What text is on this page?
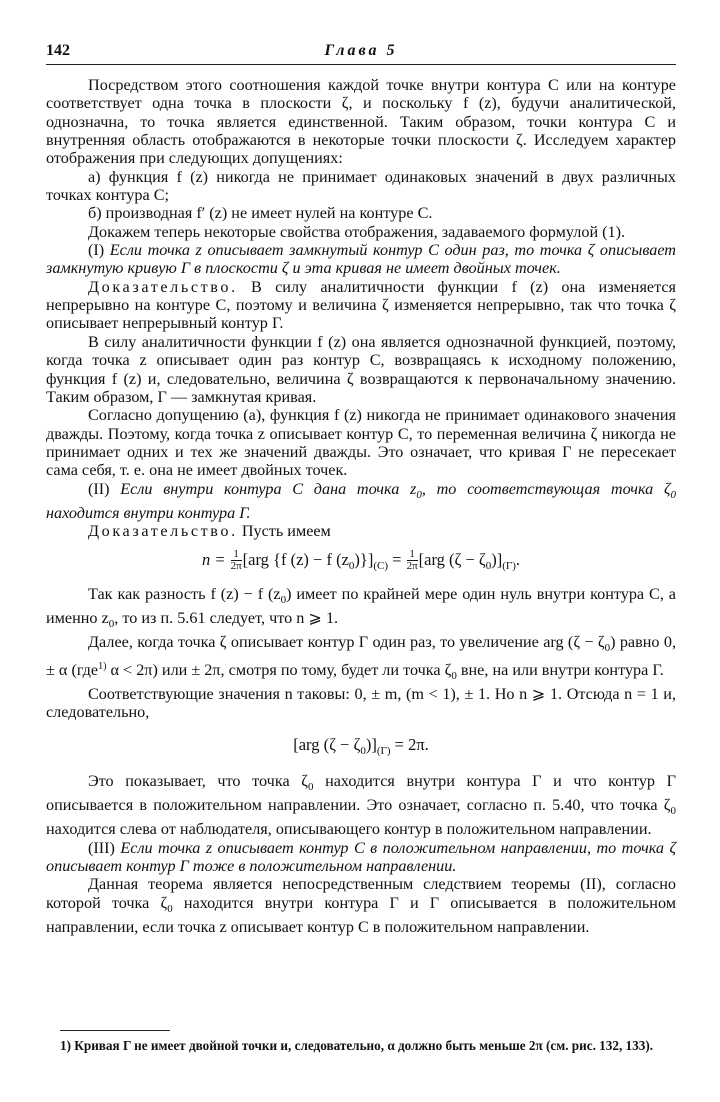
142	Глава 5

Посредством этого соотношения каждой точке внутри контура C или на контуре соответствует одна точка в плоскости ζ, и поскольку f (z), будучи аналитической, однозначна, то точка является единственной. Таким образом, точки контура C и внутренняя область отображаются в некоторые точки плоскости ζ. Исследуем характер отображения при следующих допущениях:

а) функция f (z) никогда не принимает одинаковых значений в двух различных точках контура C;

б) производная f′ (z) не имеет нулей на контуре C.

Докажем теперь некоторые свойства отображения, задаваемого формулой (1).

(I) Если точка z описывает замкнутый контур C один раз, то точка ζ описывает замкнутую кривую Γ в плоскости ζ и эта кривая не имеет двойных точек.

Доказательство. В силу аналитичности функции f (z) она изменяется непрерывно на контуре C, поэтому и величина ζ изменяется непрерывно, так что точка ζ описывает непрерывный контур Γ.

В силу аналитичности функции f (z) она является однозначной функцией, поэтому, когда точка z описывает один раз контур C, возвращаясь к исходному положению, функция f (z) и, следовательно, величина ζ возвращаются к первоначальному значению. Таким образом, Γ — замкнутая кривая.

Согласно допущению (a), функция f (z) никогда не принимает одинакового значения дважды. Поэтому, когда точка z описывает контур C, то переменная величина ζ никогда не принимает одних и тех же значений дважды. Это означает, что кривая Γ не пересекает сама себя, т. е. она не имеет двойных точек.

(II) Если внутри контура C дана точка $z_0$, то соответствующая точка $\zeta_0$ находится внутри контура Γ.

Доказательство. Пусть имеем

$n = \frac{1}{2\pi} [arg$ {f (z) − f $(z_0)\}]_{(C)} = \frac{1}{2\pi} [arg$ $(\zeta - \zeta_0)]_{(\Gamma)}$.

Так как разность f (z) − f $(z_0)$ имеет по крайней мере один нуль внутри контура C, а именно $z_0$, то из п. 5.61 следует, что n ⩾ 1.

Далее, когда точка ζ описывает контур Γ один раз, то увеличение arg $(\zeta - \zeta_0)$ равно 0, ± α (где$^{1)}$ α < 2π) или ± 2π, смотря по тому, будет ли точка $\zeta_0$ вне, на или внутри контура Γ.

Соответствующие значения n таковы: 0, ± m, (m < 1), ± 1. Но n ⩾ 1. Отсюда n = 1 и, следовательно,

[arg $(\zeta - \zeta_0)]_{(\Gamma)} = 2\pi$.

Это показывает, что точка $\zeta_0$ находится внутри контура Γ и что контур Γ описывается в положительном направлении. Это означает, согласно п. 5.40, что точка $\zeta_0$ находится слева от наблюдателя, описывающего контур в положительном направлении.

(III) Если точка z описывает контур C в положительном направлении, то точка ζ описывает контур Γ тоже в положительном направлении.

Данная теорема является непосредственным следствием теоремы (II), согласно которой точка $\zeta_0$ находится внутри контура Γ и Γ описывается в положительном направлении, если точка z описывает контур C в положительном направлении.

1) Кривая Γ не имеет двойной точки и, следовательно, α должно быть меньше 2π (см. рис. 132, 133).
